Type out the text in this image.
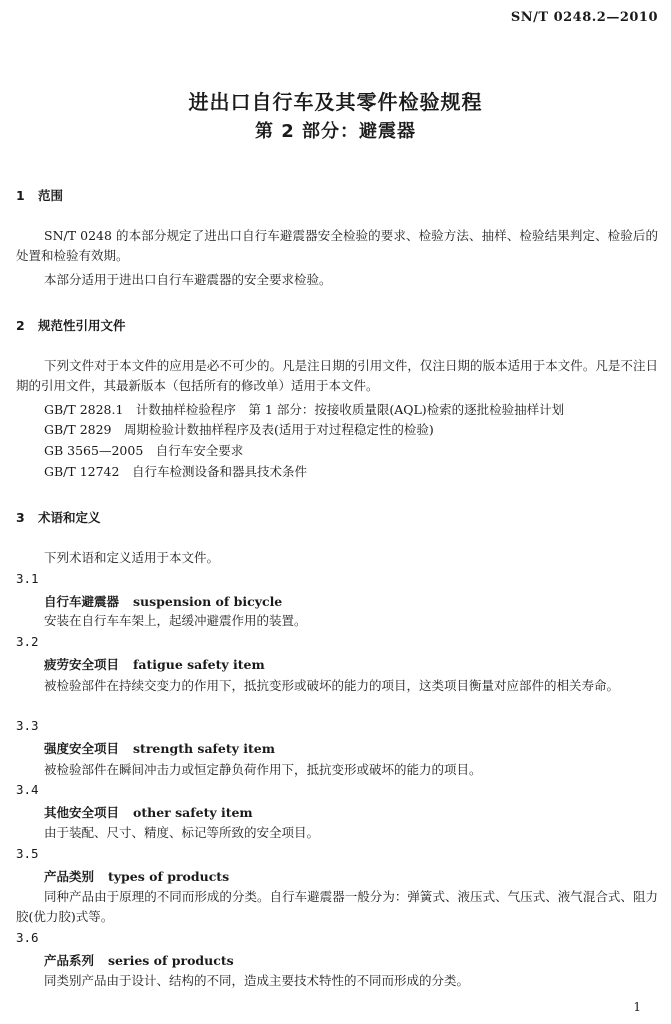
SN/T 0248.2—2010
进出口自行车及其零件检验规程
第 2 部分：避震器
1 范围
SN/T 0248 的本部分规定了进出口自行车避震器安全检验的要求、检验方法、抽样、检验结果判定、检验后的处置和检验有效期。
本部分适用于进出口自行车避震器的安全要求检验。
2 规范性引用文件
下列文件对于本文件的应用是必不可少的。凡是注日期的引用文件，仅注日期的版本适用于本文件。凡是不注日期的引用文件，其最新版本（包括所有的修改单）适用于本文件。
GB/T 2828.1　计数抽样检验程序　第 1 部分：按接收质量限(AQL)检索的逐批检验抽样计划
GB/T 2829　周期检验计数抽样程序及表(适用于对过程稳定性的检验)
GB 3565—2005　自行车安全要求
GB/T 12742　自行车检测设备和器具技术条件
3 术语和定义
下列术语和定义适用于本文件。
3.1
自行车避震器 suspension of bicycle
安装在自行车车架上，起缓冲避震作用的装置。
3.2
疲劳安全项目 fatigue safety item
被检验部件在持续交变力的作用下，抵抗变形或破坏的能力的项目，这类项目衡量对应部件的相关寿命。
3.3
强度安全项目 strength safety item
被检验部件在瞬间冲击力或恒定静负荷作用下，抵抗变形或破坏的能力的项目。
3.4
其他安全项目 other safety item
由于装配、尺寸、精度、标记等所致的安全项目。
3.5
产品类别 types of products
同种产品由于原理的不同而形成的分类。自行车避震器一般分为：弹簧式、液压式、气压式、液气混合式、阻力胶(优力胶)式等。
3.6
产品系列 series of products
同类别产品由于设计、结构的不同，造成主要技术特性的不同而形成的分类。
1
